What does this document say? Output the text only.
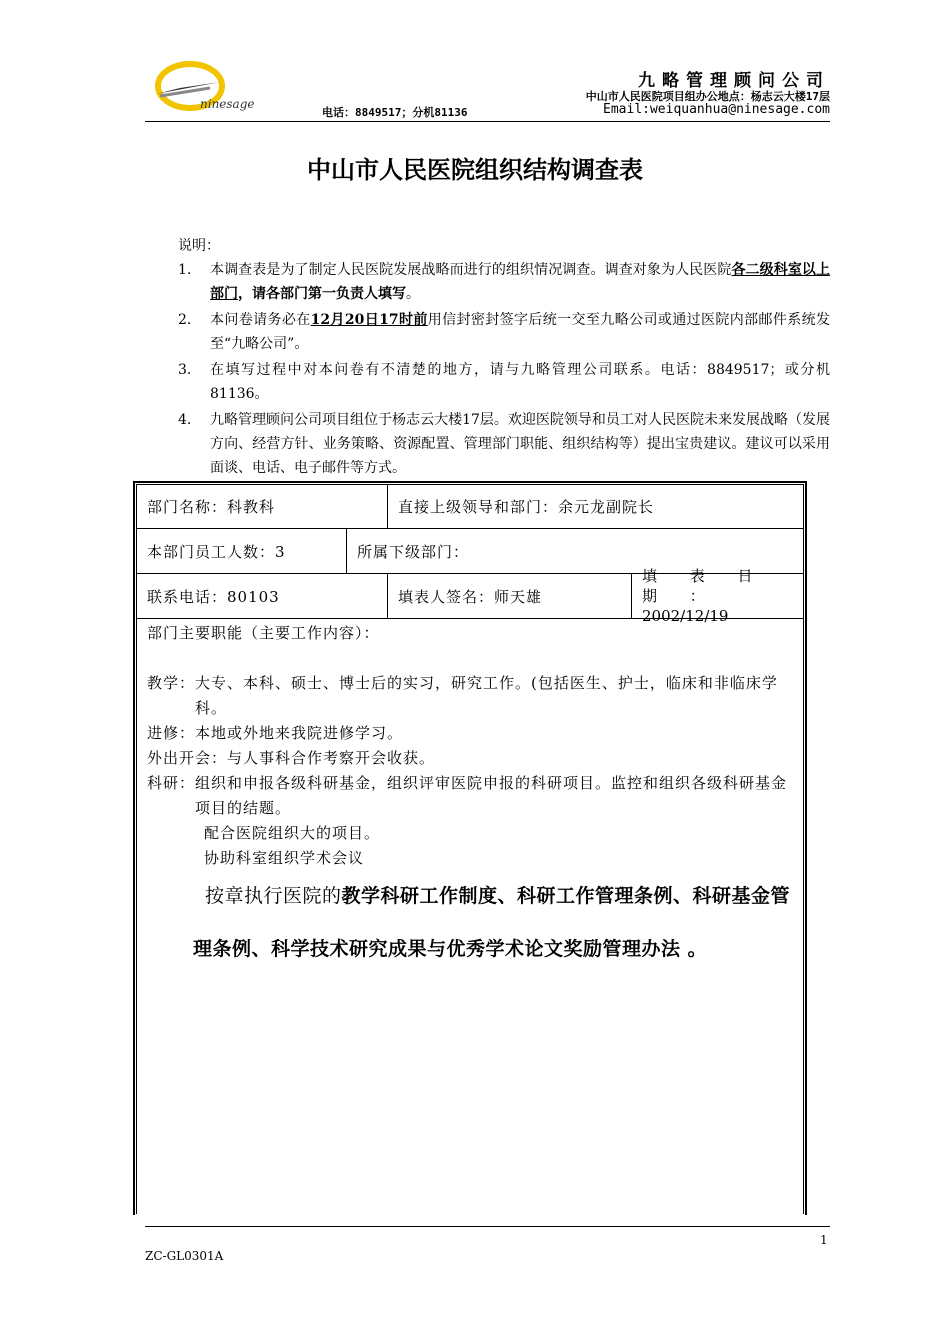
ninesage
九略管理顾问公司
中山市人民医院项目组办公地点：杨志云大楼17层
电话：8849517；分机81136	Email:weiquanhua@ninesage.com
中山市人民医院组织结构调查表
说明：
1.	本调查表是为了制定人民医院发展战略而进行的组织情况调查。调查对象为人民医院各二级科室以上部门，请各部门第一负责人填写。
2.	本问卷请务必在12月20日17时前用信封密封签字后统一交至九略公司或通过医院内部邮件系统发至“九略公司”。
3.	在填写过程中对本问卷有不清楚的地方，请与九略管理公司联系。电话：8849517；或分机81136。
4.	九略管理顾问公司项目组位于杨志云大楼17层。欢迎医院领导和员工对人民医院未来发展战略（发展方向、经营方针、业务策略、资源配置、管理部门职能、组织结构等）提出宝贵建议。建议可以采用面谈、电话、电子邮件等方式。
部门名称：科教科	直接上级领导和部门：余元龙副院长
本部门员工人数：3	所属下级部门：
联系电话：80103	填表人签名：师天雄
填 表 日 期 ：
2002/12/19
部门主要职能（主要工作内容）：
教学： 大专、本科、硕士、博士后的实习，研究工作。(包括医生、护士，临床和非临床学科。
进修： 本地或外地来我院进修学习。
外出开会： 与人事科合作考察开会收获。
科研： 组织和申报各级科研基金，组织评审医院申报的科研项目。监控和组织各级科研基金项目的结题。
配合医院组织大的项目。
协助科室组织学术会议
按章执行医院的教学科研工作制度、科研工作管理条例、科研基金管理条例、科学技术研究成果与优秀学术论文奖励管理办法 。
1
ZC-GL0301A
